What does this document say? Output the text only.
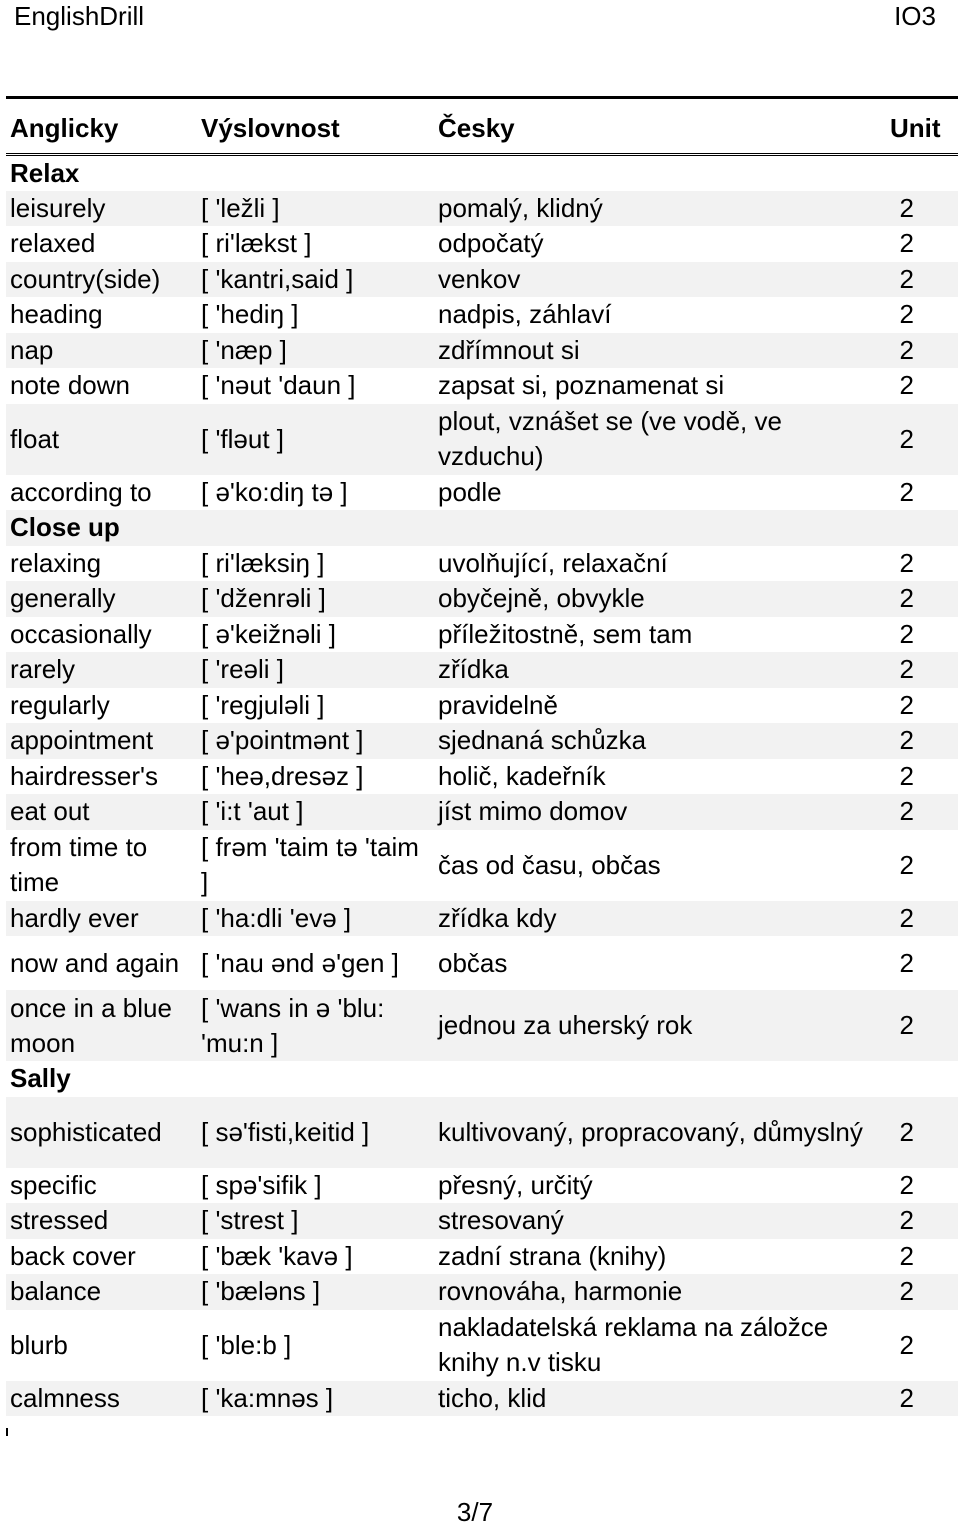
EnglishDrill	IO3
Anglicky	Výslovnost	Česky	Unit
Relax			
leisurely	[ 'ležli ]	pomalý, klidný	2
relaxed	[ ri'lækst ]	odpočatý	2
country(side)	[ 'kantri,said ]	venkov	2
heading	[ 'hediŋ ]	nadpis, záhlaví	2
nap	[ 'næp ]	zdřímnout si	2
note down	[ 'nəut 'daun ]	zapsat si, poznamenat si	2
float	[ 'fləut ]	plout, vznášet se (ve vodě, ve vzduchu)	2
according to	[ ə'ko:diŋ tə ]	podle	2
Close up			
relaxing	[ ri'læksiŋ ]	uvolňující, relaxační	2
generally	[ 'dženrəli ]	obyčejně, obvykle	2
occasionally	[ ə'keižnəli ]	příležitostně, sem tam	2
rarely	[ 'reəli ]	zřídka	2
regularly	[ 'regjuləli ]	pravidelně	2
appointment	[ ə'pointmənt ]	sjednaná schůzka	2
hairdresser's	[ 'heə,dresəz ]	holič, kadeřník	2
eat out	[ 'i:t 'aut ]	jíst mimo domov	2
from time to time	[ frəm 'taim tə 'taim ]	čas od času, občas	2
hardly ever	[ 'ha:dli 'evə ]	zřídka kdy	2
now and again	[ 'nau ənd ə'gen ]	občas	2
once in a blue moon	[ 'wans in ə 'blu: 'mu:n ]	jednou za uherský rok	2
Sally			
sophisticated	[ sə'fisti,keitid ]	kultivovaný, propracovaný, důmyslný	2
specific	[ spə'sifik ]	přesný, určitý	2
stressed	[ 'strest ]	stresovaný	2
back cover	[ 'bæk 'kavə ]	zadní strana (knihy)	2
balance	[ 'bæləns ]	rovnováha, harmonie	2
blurb	[ 'ble:b ]	nakladatelská reklama na záložce knihy n.v tisku	2
calmness	[ 'ka:mnəs ]	ticho, klid	2
3/7
